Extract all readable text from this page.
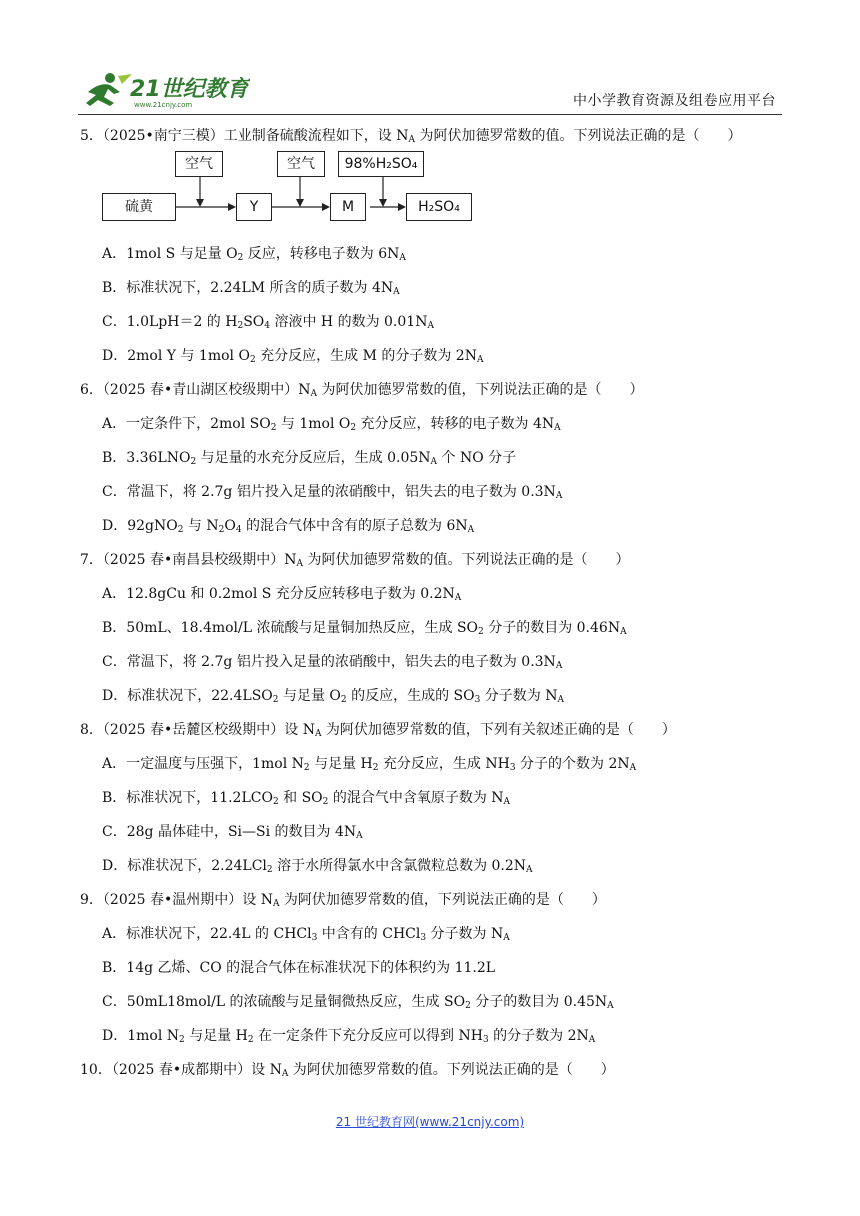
21世纪教育
www.21cnjy.com	中小学教育资源及组卷应用平台
5．（2025•南宁三模）工业制备硫酸流程如下，设 $N_A$ 为阿伏加德罗常数的值。下列说法正确的是（　　）
硫黄	Y	M	H₂SO₄
空气	空气	98%H₂SO₄
A．1mol S 与足量 $O_2$ 反应，转移电子数为 $6N_A$
B．标准状况下，2.24LM 所含的质子数为 $4N_A$
C．1.0LpH＝2 的 $H_2SO_4$ 溶液中 H 的数为 $0.01N_A$
D．2mol Y 与 1mol $O_2$ 充分反应，生成 M 的分子数为 $2N_A$
6．（2025 春•青山湖区校级期中）$N_A$ 为阿伏加德罗常数的值，下列说法正确的是（　　）
A．一定条件下，2mol $SO_2$ 与 1mol $O_2$ 充分反应，转移的电子数为 $4N_A$
B．$3.36LNO_2$ 与足量的水充分反应后，生成 $0.05N_A$ 个 NO 分子
C．常温下，将 2.7g 铝片投入足量的浓硝酸中，铝失去的电子数为 $0.3N_A$
D．92gNO$_2$ 与 $N_2O_4$ 的混合气体中含有的原子总数为 $6N_A$
7．（2025 春•南昌县校级期中）$N_A$ 为阿伏加德罗常数的值。下列说法正确的是（　　）
A．12.8gCu 和 0.2mol S 充分反应转移电子数为 $0.2N_A$
B．50mL、18.4mol/L 浓硫酸与足量铜加热反应，生成 $SO_2$ 分子的数目为 $0.46N_A$
C．常温下，将 2.7g 铝片投入足量的浓硝酸中，铝失去的电子数为 $0.3N_A$
D．标准状况下，$22.4LSO_2$ 与足量 $O_2$ 的反应，生成的 $SO_3$ 分子数为 $N_A$
8．（2025 春•岳麓区校级期中）设 $N_A$ 为阿伏加德罗常数的值，下列有关叙述正确的是（　　）
A．一定温度与压强下，1mol $N_2$ 与足量 $H_2$ 充分反应，生成 $NH_3$ 分子的个数为 $2N_A$
B．标准状况下，$11.2LCO_2$ 和 $SO_2$ 的混合气中含氧原子数为 $N_A$
C．28g 晶体硅中，Si—Si 的数目为 $4N_A$
D．标准状况下，2.24LCl$_2$ 溶于水所得氯水中含氯微粒总数为 $0.2N_A$
9．（2025 春•温州期中）设 $N_A$ 为阿伏加德罗常数的值，下列说法正确的是（　　）
A．标准状况下，22.4L 的 CHCl$_3$ 中含有的 CHCl$_3$ 分子数为 $N_A$
B．14g 乙烯、CO 的混合气体在标准状况下的体积约为 11.2L
C．50mL18mol/L 的浓硫酸与足量铜微热反应，生成 $SO_2$ 分子的数目为 $0.45N_A$
D．1mol $N_2$ 与足量 $H_2$ 在一定条件下充分反应可以得到 $NH_3$ 的分子数为 $2N_A$
10．（2025 春•成都期中）设 $N_A$ 为阿伏加德罗常数的值。下列说法正确的是（　　）
21 世纪教育网(www.21cnjy.com)
